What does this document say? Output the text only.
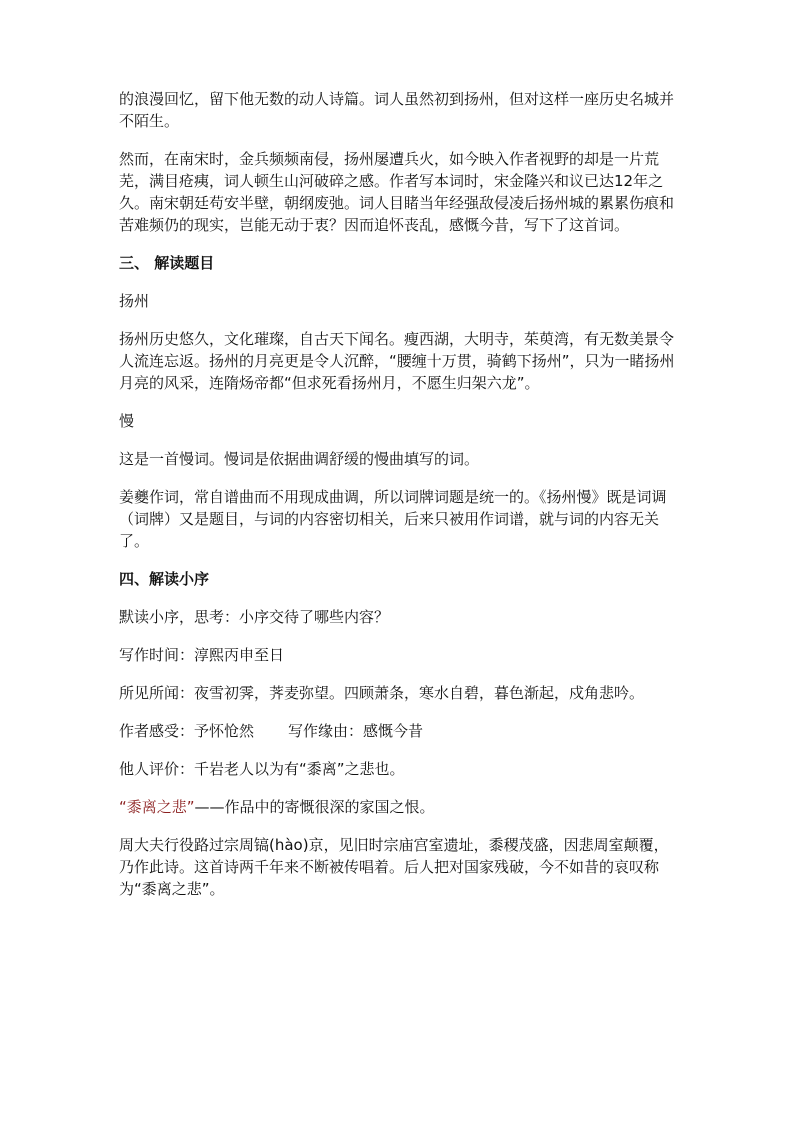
的浪漫回忆，留下他无数的动人诗篇。词人虽然初到扬州，但对这样一座历史名城并不陌生。

然而，在南宋时，金兵频频南侵，扬州屡遭兵火，如今映入作者视野的却是一片荒芜，满目疮痍，词人顿生山河破碎之感。作者写本词时，宋金隆兴和议已达12年之久。南宋朝廷苟安半壁，朝纲废弛。词人目睹当年经强敌侵凌后扬州城的累累伤痕和苦难频仍的现实，岂能无动于衷？因而追怀丧乱，感慨今昔，写下了这首词。

三、 解读题目

扬州

扬州历史悠久，文化璀璨，自古天下闻名。瘦西湖，大明寺，茱萸湾，有无数美景令人流连忘返。扬州的月亮更是令人沉醉，“腰缠十万贯，骑鹤下扬州”，只为一睹扬州月亮的风采，连隋炀帝都“但求死看扬州月，不愿生归架六龙”。

慢

这是一首慢词。慢词是依据曲调舒缓的慢曲填写的词。

姜夔作词，常自谱曲而不用现成曲调，所以词牌词题是统一的。《扬州慢》既是词调（词牌）又是题目，与词的内容密切相关，后来只被用作词谱，就与词的内容无关了。

四、解读小序

默读小序，思考：小序交待了哪些内容？

写作时间：淳熙丙申至日

所见所闻：夜雪初霁，荠麦弥望。四顾萧条，寒水自碧，暮色渐起，戍角悲吟。

作者感受：予怀怆然 写作缘由：感慨今昔

他人评价：千岩老人以为有“黍离”之悲也。

“黍离之悲”——作品中的寄慨很深的家国之恨。

周大夫行役路过宗周镐(hào)京，见旧时宗庙宫室遗址，黍稷茂盛，因悲周室颠覆，乃作此诗。这首诗两千年来不断被传唱着。后人把对国家残破，今不如昔的哀叹称为“黍离之悲”。
